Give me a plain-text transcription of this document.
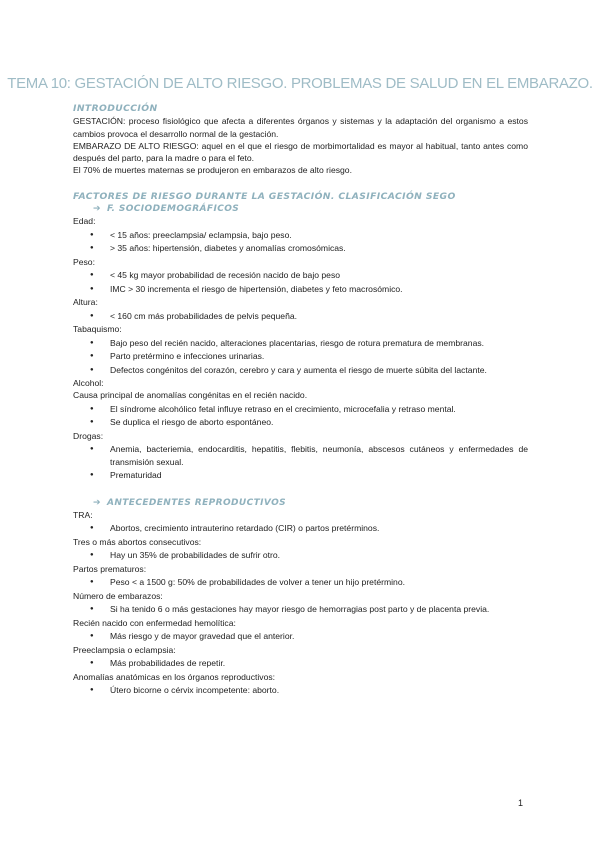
TEMA 10: GESTACIÓN DE ALTO RIESGO. PROBLEMAS DE SALUD EN EL EMBARAZO.
INTRODUCCIÓN

GESTACIÓN: proceso fisiológico que afecta a diferentes órganos y sistemas y la adaptación del organismo a estos cambios provoca el desarrollo normal de la gestación.

EMBARAZO DE ALTO RIESGO: aquel en el que el riesgo de morbimortalidad es mayor al habitual, tanto antes como después del parto, para la madre o para el feto.

El 70% de muertes maternas se produjeron en embarazos de alto riesgo.

FACTORES DE RIESGO DURANTE LA GESTACIÓN. CLASIFICACIÓN SEGO
➔ F. SOCIODEMOGRÁFICOS
Edad:
● < 15 años: preeclampsia/ eclampsia, bajo peso.
● > 35 años: hipertensión, diabetes y anomalías cromosómicas.
Peso:
● < 45 kg mayor probabilidad de recesión nacido de bajo peso
● IMC > 30 incrementa el riesgo de hipertensión, diabetes y feto macrosómico.
Altura:
● < 160 cm más probabilidades de pelvis pequeña.
Tabaquismo:
● Bajo peso del recién nacido, alteraciones placentarias, riesgo de rotura prematura de membranas.
● Parto pretérmino e infecciones urinarias.
● Defectos congénitos del corazón, cerebro y cara y aumenta el riesgo de muerte súbita del lactante.
Alcohol:

Causa principal de anomalías congénitas en el recién nacido.

● El síndrome alcohólico fetal influye retraso en el crecimiento, microcefalia y retraso mental.
● Se duplica el riesgo de aborto espontáneo.
Drogas:
● Anemia, bacteriemia, endocarditis, hepatitis, flebitis, neumonía, abscesos cutáneos y enfermedades de transmisión sexual.
● Prematuridad
➔ ANTECEDENTES REPRODUCTIVOS
TRA:
● Abortos, crecimiento intrauterino retardado (CIR) o partos pretérminos.
Tres o más abortos consecutivos:
● Hay un 35% de probabilidades de sufrir otro.
Partos prematuros:
● Peso < a 1500 g: 50% de probabilidades de volver a tener un hijo pretérmino.
Número de embarazos:
● Si ha tenido 6 o más gestaciones hay mayor riesgo de hemorragias post parto y de placenta previa.
Recién nacido con enfermedad hemolítica:
● Más riesgo y de mayor gravedad que el anterior.
Preeclampsia o eclampsia:
● Más probabilidades de repetir.
Anomalías anatómicas en los órganos reproductivos:
● Útero bicorne o cérvix incompetente: aborto.
1
